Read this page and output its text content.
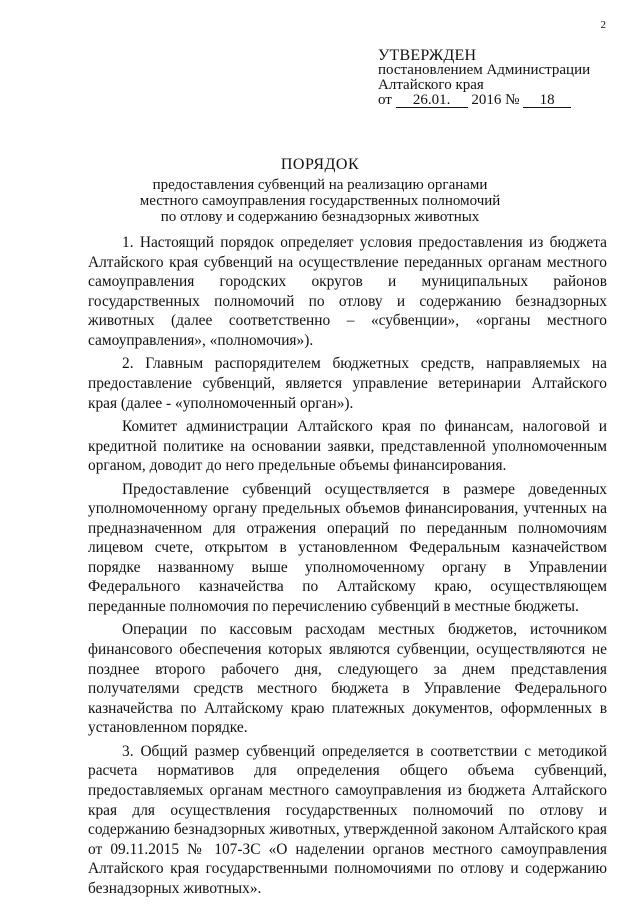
2
УТВЕРЖДЕН
постановлением Администрации
Алтайского края
от 26.01. 2016 № 18
ПОРЯДОК
предоставления субвенций на реализацию органами
местного самоуправления государственных полномочий
по отлову и содержанию безнадзорных животных

1. Настоящий порядок определяет условия предоставления из бюджета Алтайского края субвенций на осуществление переданных органам местного самоуправления городских округов и муниципальных районов государственных полномочий по отлову и содержанию безнадзорных животных (далее соответственно – «субвенции», «органы местного самоуправления», «полномочия»).

2. Главным распорядителем бюджетных средств, направляемых на предоставление субвенций, является управление ветеринарии Алтайского края (далее - «уполномоченный орган»).

Комитет администрации Алтайского края по финансам, налоговой и кредитной политике на основании заявки, представленной уполномоченным органом, доводит до него предельные объемы финансирования.

Предоставление субвенций осуществляется в размере доведенных уполномоченному органу предельных объемов финансирования, учтенных на предназначенном для отражения операций по переданным полномочиям лицевом счете, открытом в установленном Федеральным казначейством порядке названному выше уполномоченному органу в Управлении Федерального казначейства по Алтайскому краю, осуществляющем переданные полномочия по перечислению субвенций в местные бюджеты.

Операции по кассовым расходам местных бюджетов, источником финансового обеспечения которых являются субвенции, осуществляются не позднее второго рабочего дня, следующего за днем представления получателями средств местного бюджета в Управление Федерального казначейства по Алтайскому краю платежных документов, оформленных в установленном порядке.

3. Общий размер субвенций определяется в соответствии с методикой расчета нормативов для определения общего объема субвенций, предоставляемых органам местного самоуправления из бюджета Алтайского края для осуществления государственных полномочий по отлову и содержанию безнадзорных животных, утвержденной законом Алтайского края от 09.11.2015 № 107-ЗС «О наделении органов местного самоуправления Алтайского края государственными полномочиями по отлову и содержанию безнадзорных животных».
